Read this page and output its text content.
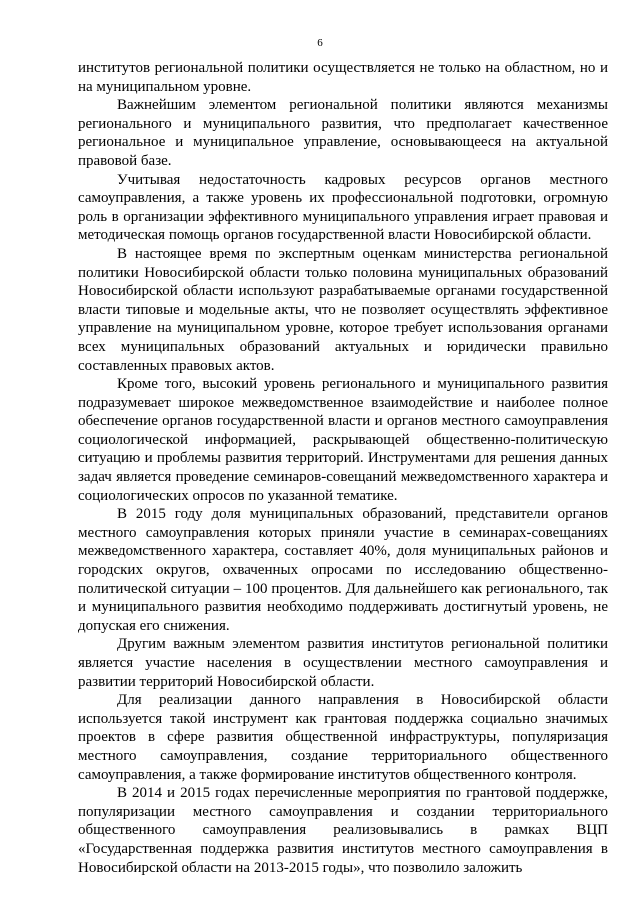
6

институтов региональной политики осуществляется не только на областном, но и на муниципальном уровне.

Важнейшим элементом региональной политики являются механизмы регионального и муниципального развития, что предполагает качественное региональное и муниципальное управление, основывающееся на актуальной правовой базе.

Учитывая недостаточность кадровых ресурсов органов местного самоуправления, а также уровень их профессиональной подготовки, огромную роль в организации эффективного муниципального управления играет правовая и методическая помощь органов государственной власти Новосибирской области.

В настоящее время по экспертным оценкам министерства региональной политики Новосибирской области только половина муниципальных образований Новосибирской области используют разрабатываемые органами государственной власти типовые и модельные акты, что не позволяет осуществлять эффективное управление на муниципальном уровне, которое требует использования органами всех муниципальных образований актуальных и юридически правильно составленных правовых актов.

Кроме того, высокий уровень регионального и муниципального развития подразумевает широкое межведомственное взаимодействие и наиболее полное обеспечение органов государственной власти и органов местного самоуправления социологической информацией, раскрывающей общественно-политическую ситуацию и проблемы развития территорий. Инструментами для решения данных задач является проведение семинаров-совещаний межведомственного характера и социологических опросов по указанной тематике.

В 2015 году доля муниципальных образований, представители органов местного самоуправления которых приняли участие в семинарах-совещаниях межведомственного характера, составляет 40%, доля муниципальных районов и городских округов, охваченных опросами по исследованию общественно-политической ситуации – 100 процентов. Для дальнейшего как регионального, так и муниципального развития необходимо поддерживать достигнутый уровень, не допуская его снижения.

Другим важным элементом развития институтов региональной политики является участие населения в осуществлении местного самоуправления и развитии территорий Новосибирской области.

Для реализации данного направления в Новосибирской области используется такой инструмент как грантовая поддержка социально значимых проектов в сфере развития общественной инфраструктуры, популяризация местного самоуправления, создание территориального общественного самоуправления, а также формирование институтов общественного контроля.

В 2014 и 2015 годах перечисленные мероприятия по грантовой поддержке, популяризации местного самоуправления и создании территориального общественного самоуправления реализовывались в рамках ВЦП «Государственная поддержка развития институтов местного самоуправления в Новосибирской области на 2013-2015 годы», что позволило заложить
